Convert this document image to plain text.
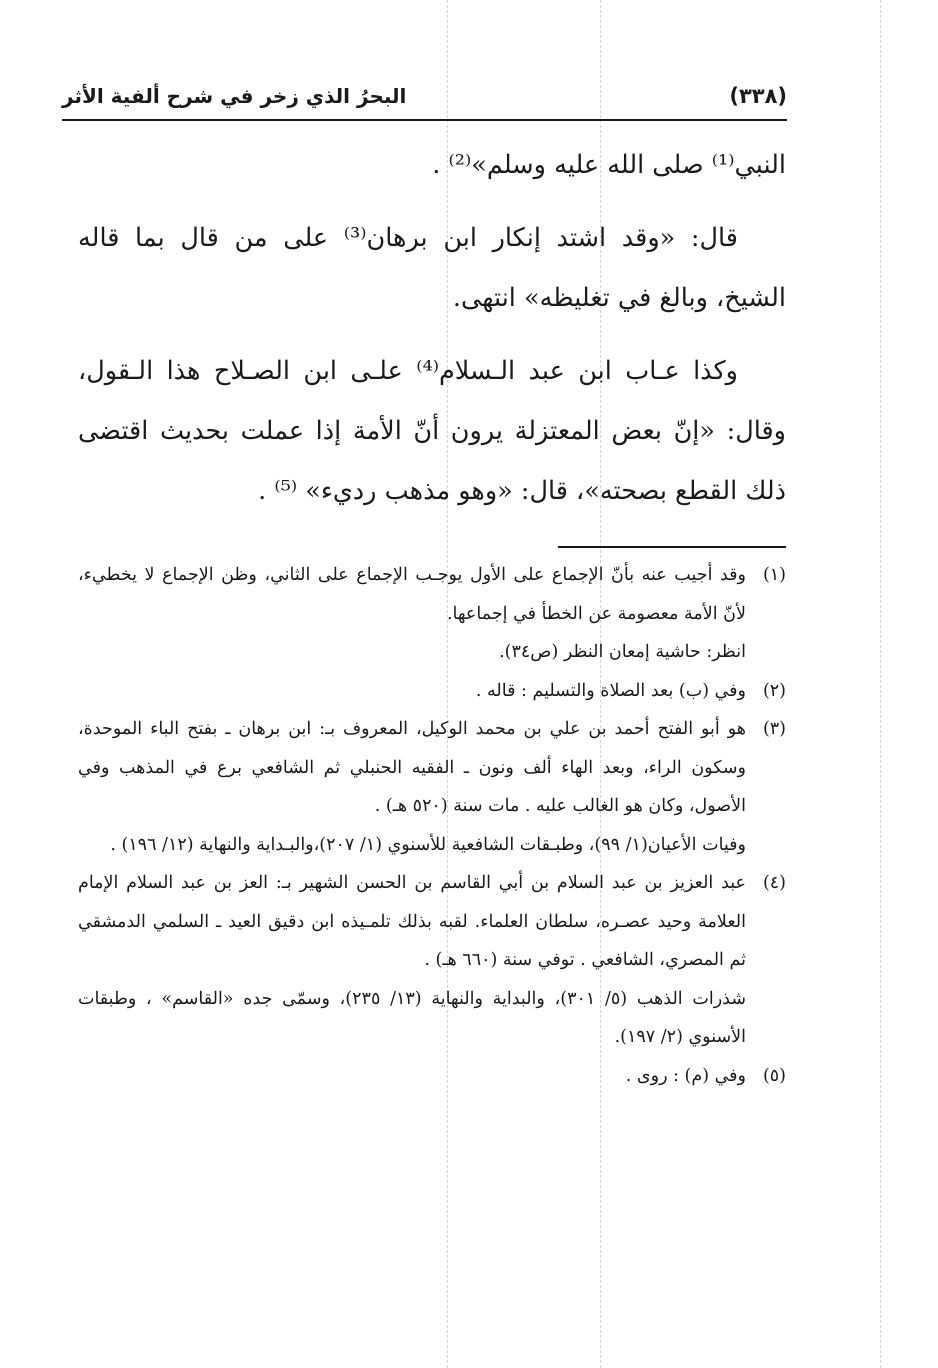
(٣٣٨)
البحرُ الذي زخر في شرح ألفية الأثر

النبي⁽¹⁾ صلى الله عليه وسلم»⁽²⁾ .

قال: «وقد اشتد إنكار ابن برهان⁽³⁾ على من قال بما قاله الشيخ، وبالغ في تغليظه» انتهى.

وكذا عـاب ابن عبد الـسلام⁽⁴⁾ علـى ابن الصـلاح هذا الـقول، وقال: «إنّ بعض المعتزلة يرون أنّ الأمة إذا عملت بحديث اقتضى ذلك القطع بصحته»، قال: «وهو مذهب رديء» ⁽⁵⁾ .

(١)
وقد أجيب عنه بأنّ الإجماع على الأول يوجـب الإجماع على الثاني، وظن الإجماع لا يخطيء، لأنّ الأمة معصومة عن الخطأ في إجماعها.
انظر: حاشية إمعان النظر (ص٣٤).
(٢)
وفي (ب) بعد الصلاة والتسليم : قاله .
(٣)
هو أبو الفتح أحمد بن علي بن محمد الوكيل، المعروف بـ: ابن برهان ـ بفتح الباء الموحدة، وسكون الراء، وبعد الهاء ألف ونون ـ الفقيه الحنبلي ثم الشافعي برع في المذهب وفي الأصول، وكان هو الغالب عليه . مات سنة (٥٢٠ هـ) .
وفيات الأعيان(١/ ٩٩)، وطبـقات الشافعية للأسنوي (١/ ٢٠٧)،والبـداية والنهاية (١٢/ ١٩٦) .
(٤)
عبد العزيز بن عبد السلام بن أبي القاسم بن الحسن الشهير بـ: العز بن عبد السلام الإمام العلامة وحيد عصـره، سلطان العلماء. لقبه بذلك تلمـيذه ابن دقيق العيد ـ السلمي الدمشقي ثم المصري، الشافعي . توفي سنة (٦٦٠ هـ) .
شذرات الذهب (٥/ ٣٠١)، والبداية والنهاية (١٣/ ٢٣٥)، وسمّى جده «القاسم» ، وطبقات الأسنوي (٢/ ١٩٧).
(٥)
وفي (م) : روى .
